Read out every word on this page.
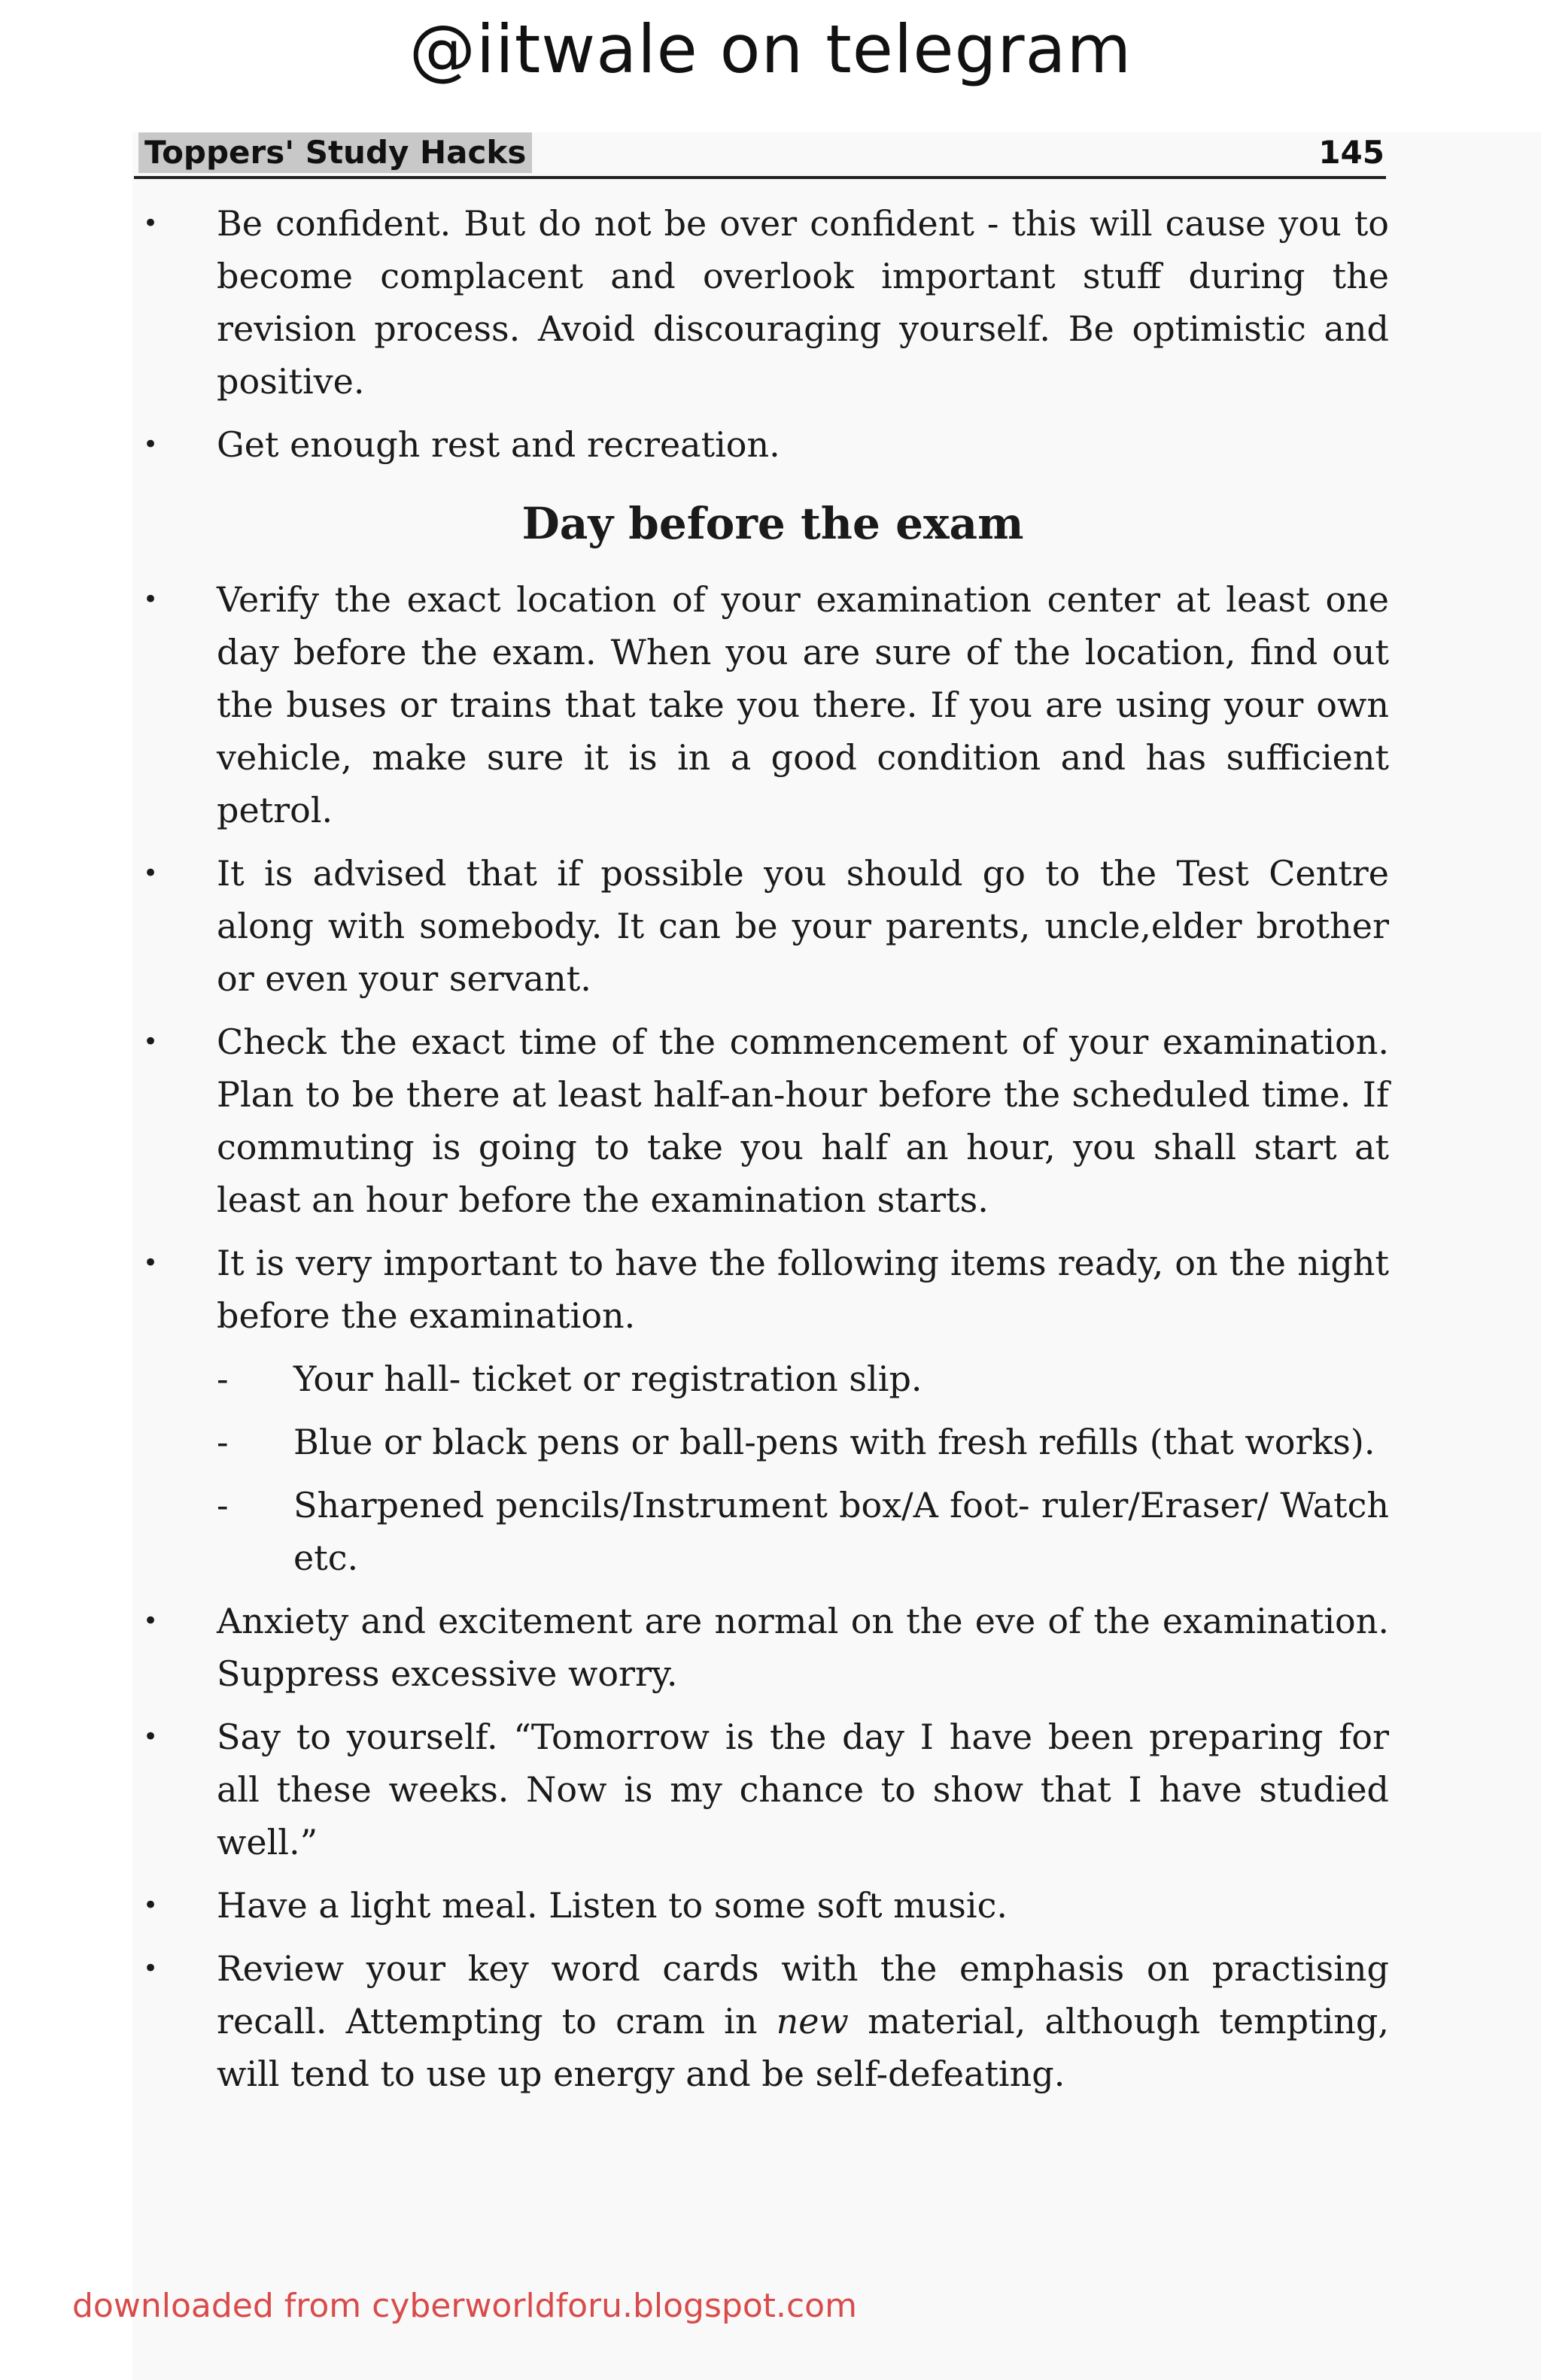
@iitwale on telegram
Toppers' Study Hacks	145
• Be confident. But do not be over confident - this will cause you to become complacent and overlook important stuff during the revision process. Avoid discouraging yourself. Be optimistic and positive.
• Get enough rest and recreation.
Day before the exam
• Verify the exact location of your examination center at least one day before the exam. When you are sure of the location, find out the buses or trains that take you there. If you are using your own vehicle, make sure it is in a good condition and has sufficient petrol.
• It is advised that if possible you should go to the Test Centre along with somebody. It can be your parents, uncle,elder brother or even your servant.
• Check the exact time of the commencement of your examination. Plan to be there at least half-an-hour before the scheduled time. If commuting is going to take you half an hour, you shall start at least an hour before the examination starts.
• It is very important to have the following items ready, on the night before the examination.
- Your hall- ticket or registration slip.
- Blue or black pens or ball-pens with fresh refills (that works).
- Sharpened pencils/Instrument box/A foot- ruler/Eraser/ Watch etc.
• Anxiety and excitement are normal on the eve of the examination. Suppress excessive worry.
• Say to yourself. “Tomorrow is the day I have been preparing for all these weeks. Now is my chance to show that I have studied well.”
• Have a light meal. Listen to some soft music.
• Review your key word cards with the emphasis on practising recall. Attempting to cram in new material, although tempting, will tend to use up energy and be self-defeating.
downloaded from cyberworldforu.blogspot.com
